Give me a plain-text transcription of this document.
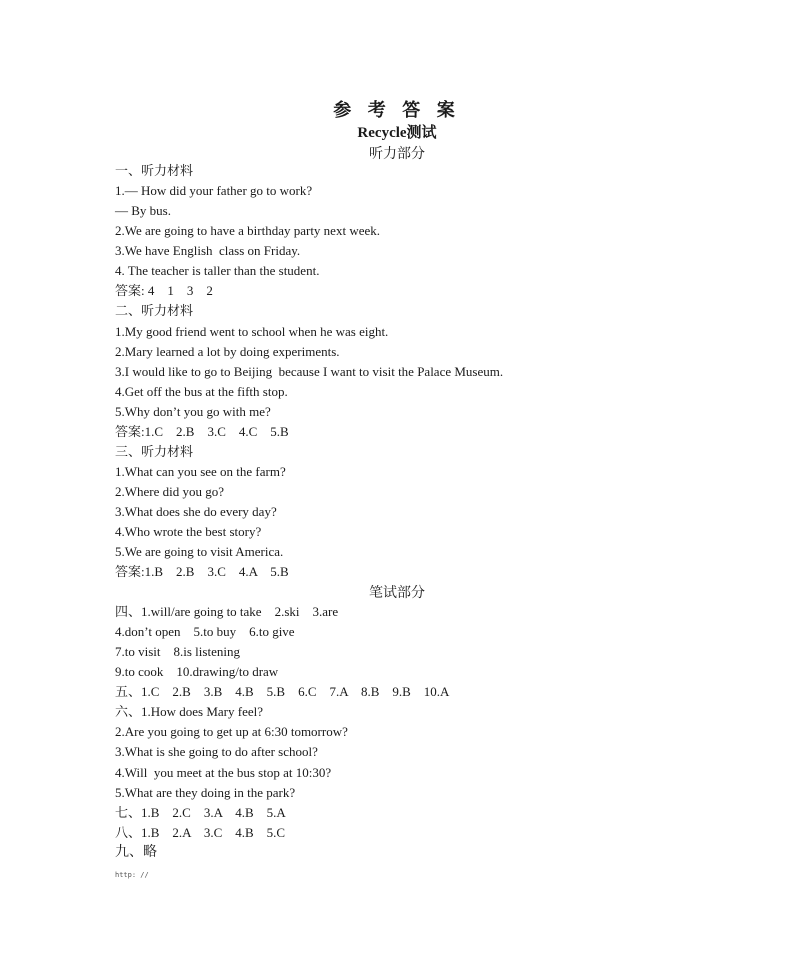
参 考 答 案
Recycle测试
听力部分
一、听力材料
1.— How did your father go to work?
— By bus.
2.We are going to have a birthday party next week.
3.We have English  class on Friday.
4. The teacher is taller than the student.
答案: 4    1    3    2
二、听力材料
1.My good friend went to school when he was eight.
2.Mary learned a lot by doing experiments.
3.I would like to go to Beijing  because I want to visit the Palace Museum.
4.Get off the bus at the fifth stop.
5.Why don’t you go with me?
答案:1.C    2.B    3.C    4.C    5.B
三、听力材料
1.What can you see on the farm?
2.Where did you go?
3.What does she do every day?
4.Who wrote the best story?
5.We are going to visit America.
答案:1.B    2.B    3.C    4.A    5.B
笔试部分
四、1.will/are going to take    2.ski    3.are
4.don’t open    5.to buy    6.to give
7.to visit    8.is listening
9.to cook    10.drawing/to draw
五、1.C    2.B    3.B    4.B    5.B    6.C    7.A    8.B    9.B    10.A
六、1.How does Mary feel?
2.Are you going to get up at 6:30 tomorrow?
3.What is she going to do after school?
4.Will  you meet at the bus stop at 10:30?
5.What are they doing in the park?
七、1.B    2.C    3.A    4.B    5.A
八、1.B    2.A    3.C    4.B    5.C
九、略
http: //
